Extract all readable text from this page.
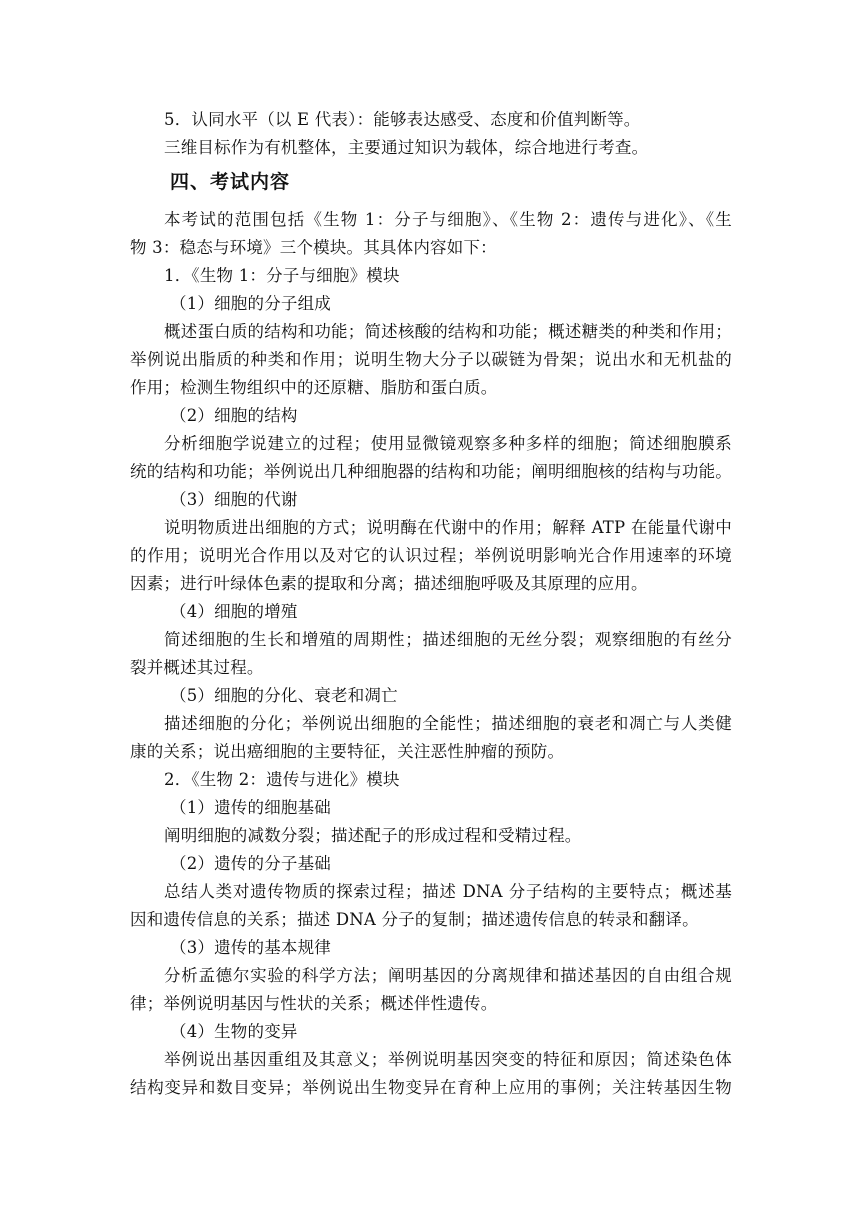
5．认同水平（以 E 代表）：能够表达感受、态度和价值判断等。
三维目标作为有机整体，主要通过知识为载体，综合地进行考查。
四、考试内容
本考试的范围包括《生物 1：分子与细胞》、《生物 2：遗传与进化》、《生
物 3：稳态与环境》三个模块。其具体内容如下：
1．《生物 1：分子与细胞》模块
（1）细胞的分子组成
概述蛋白质的结构和功能；简述核酸的结构和功能；概述糖类的种类和作用；
举例说出脂质的种类和作用；说明生物大分子以碳链为骨架；说出水和无机盐的
作用；检测生物组织中的还原糖、脂肪和蛋白质。
（2）细胞的结构
分析细胞学说建立的过程；使用显微镜观察多种多样的细胞；简述细胞膜系
统的结构和功能；举例说出几种细胞器的结构和功能；阐明细胞核的结构与功能。
（3）细胞的代谢
说明物质进出细胞的方式；说明酶在代谢中的作用；解释 ATP 在能量代谢中
的作用；说明光合作用以及对它的认识过程；举例说明影响光合作用速率的环境
因素；进行叶绿体色素的提取和分离；描述细胞呼吸及其原理的应用。
（4）细胞的增殖
简述细胞的生长和增殖的周期性；描述细胞的无丝分裂；观察细胞的有丝分
裂并概述其过程。
（5）细胞的分化、衰老和凋亡
描述细胞的分化；举例说出细胞的全能性；描述细胞的衰老和凋亡与人类健
康的关系；说出癌细胞的主要特征，关注恶性肿瘤的预防。
2．《生物 2：遗传与进化》模块
（1）遗传的细胞基础
阐明细胞的减数分裂；描述配子的形成过程和受精过程。
（2）遗传的分子基础
总结人类对遗传物质的探索过程；描述 DNA 分子结构的主要特点；概述基
因和遗传信息的关系；描述 DNA 分子的复制；描述遗传信息的转录和翻译。
（3）遗传的基本规律
分析孟德尔实验的科学方法；阐明基因的分离规律和描述基因的自由组合规
律；举例说明基因与性状的关系；概述伴性遗传。
（4）生物的变异
举例说出基因重组及其意义；举例说明基因突变的特征和原因；简述染色体
结构变异和数目变异；举例说出生物变异在育种上应用的事例；关注转基因生物
